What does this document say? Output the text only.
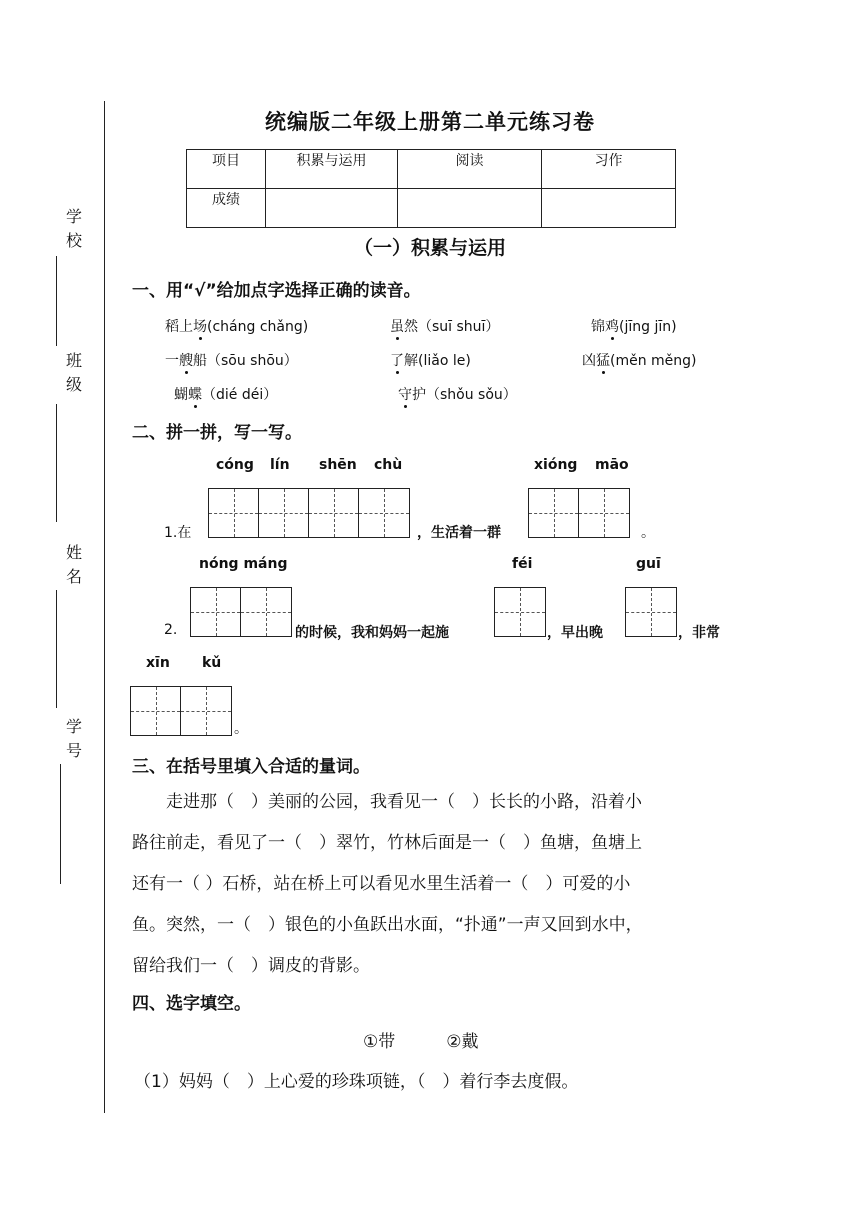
学
校
班
级
姓
名
学
号
统编版二年级上册第二单元练习卷
项目	积累与运用	阅读	习作
成绩			
（一）积累与运用
一、用“√”给加点字选择正确的读音。
稻上场(cháng chǎng)	虽然（suī shuī）	锦鸡(jīng jīn)
一艘船（sōu shōu）	了解(liǎo le)	凶猛(měn měng)
蝴蝶（dié déi）	守护（shǒu sǒu）
二、拼一拼，写一写。
cóng lín shēn chù	xióng māo
1.在	，生活着一群	。
nóng máng	féi	guī
2.	的时候，我和妈妈一起施	，早出晚	，非常
xīn kǔ
。
三、在括号里填入合适的量词。
　　走进那（　）美丽的公园，我看见一（　）长长的小路，沿着小
路往前走，看见了一（　）翠竹，竹林后面是一（　）鱼塘，鱼塘上
还有一（ ）石桥，站在桥上可以看见水里生活着一（　）可爱的小
鱼。突然，一（　）银色的小鱼跃出水面，“扑通”一声又回到水中，
留给我们一（　）调皮的背影。
四、选字填空。
①带　　　②戴
（1）妈妈（　）上心爱的珍珠项链，（　）着行李去度假。
